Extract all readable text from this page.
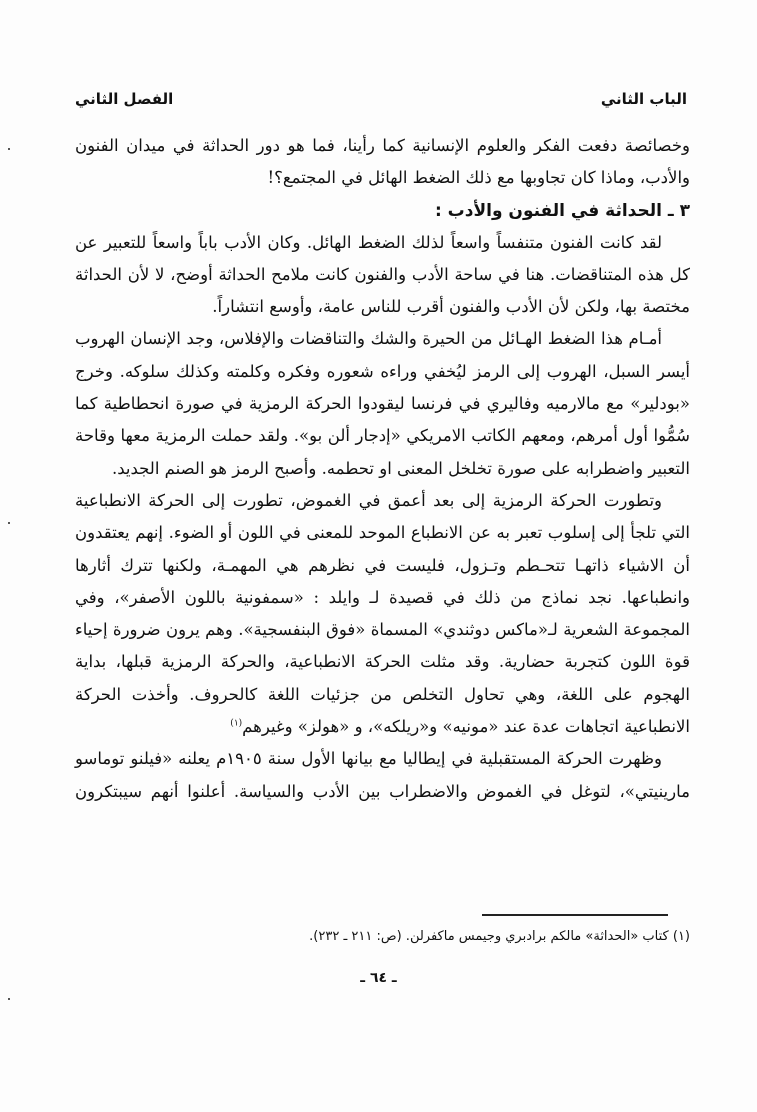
الباب الثاني
الفصل الثاني

وخصائصة دفعت الفكر والعلوم الإنسانية كما رأينا، فما هو دور الحداثة في ميدان الفنون والأدب، وماذا كان تجاوبها مع ذلك الضغط الهائل في المجتمع؟!

٣ ـ الحداثة في الفنون والأدب :

لقد كانت الفنون متنفساً واسعاً لذلك الضغط الهائل. وكان الأدب باباً واسعاً للتعبير عن كل هذه المتناقضات. هنا في ساحة الأدب والفنون كانت ملامح الحداثة أوضح، لا لأن الحداثة مختصة بها، ولكن لأن الأدب والفنون أقرب للناس عامة، وأوسع انتشاراً.

أمـام هذا الضغط الهـائل من الحيرة والشك والتناقضات والإفلاس، وجد الإنسان الهروب أيسر السبل، الهروب إلى الرمز ليُخفي وراءه شعوره وفكره وكلمته وكذلك سلوكه. وخرج «بودلير» مع مالارميه وفاليري في فرنسا ليقودوا الحركة الرمزية في صورة انحطاطية كما سُمُّوا أول أمرهم، ومعهم الكاتب الامريكي «إدجار ألن بو». ولقد حملت الرمزية معها وقاحة التعبير واضطرابه على صورة تخلخل المعنى او تحطمه. وأصبح الرمز هو الصنم الجديد.

وتطورت الحركة الرمزية إلى بعد أعمق في الغموض، تطورت إلى الحركة الانطباعية التي تلجأ إلى إسلوب تعبر به عن الانطباع الموحد للمعنى في اللون أو الضوء. إنهم يعتقدون أن الاشياء ذاتهـا تتحـطم وتـزول، فليست في نظرهم هي المهمـة، ولكنها تترك أثارها وانطباعها. نجد نماذج من ذلك في قصيدة لـ وايلد : «سمفونية باللون الأصفر»، وفي المجموعة الشعرية لـ«ماكس دوثندي» المسماة «فوق البنفسجية». وهم يرون ضرورة إحياء قوة اللون كتجربة حضارية. وقد مثلت الحركة الانطباعية، والحركة الرمزية قبلها، بداية الهجوم على اللغة، وهي تحاول التخلص من جزئيات اللغة كالحروف. وأخذت الحركة الانطباعية اتجاهات عدة عند «مونيه» و«ريلكه»، و «هولز» وغيرهم$^{(١)}$

وظهرت الحركة المستقبلية في إيطاليا مع بيانها الأول سنة ١٩٠٥م يعلنه «فيلنو توماسو مارينيتي»، لتوغل في الغموض والاضطراب بين الأدب والسياسة. أعلنوا أنهم سيبتكرون

(١) كتاب «الحداثة» مالكم برادبري وجيمس ماكفرلن. (ص: ٢١١ ـ ٢٣٢).
ـ ٦٤ ـ
